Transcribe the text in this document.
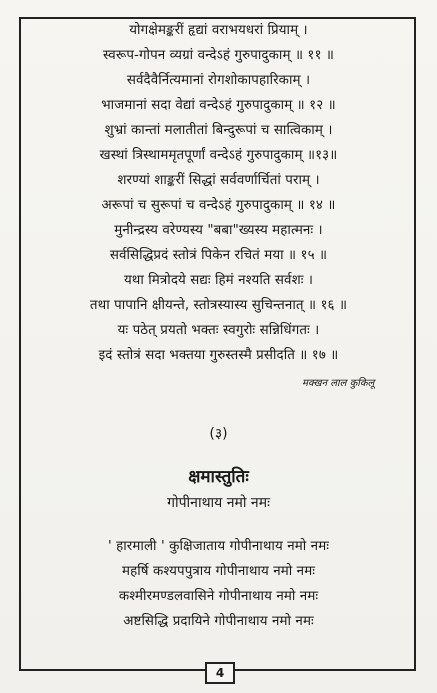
योगक्षेमङ्करीं हृद्यां वराभयधरां प्रियाम् ।
स्वरूप-गोपन व्यग्रां वन्देऽहं गुरुपादुकाम् ॥ ११ ॥
सर्वदैवैर्नित्यमानां रोगशोकापहारिकाम् ।
भाजमानां सदा वेद्यां वन्देऽहं गुरुपादुकाम् ॥ १२ ॥
शुभ्रां कान्तां मलातीतां बिन्दुरूपां च सात्विकाम् ।
खस्थां त्रिस्थाममृतपूर्णां वन्देऽहं गुरुपादुकाम् ॥१३॥
शरण्यां शाङ्करीं सिद्धां सर्ववर्णार्चितां पराम् ।
अरूपां च सुरूपां च वन्देऽहं गुरुपादुकाम् ॥ १४ ॥
मुनीन्द्रस्य वरेण्यस्य "बबा"ख्यस्य महात्मनः ।
सर्वसिद्धिप्रदं स्तोत्रं पिकेन रचितं मया ॥ १५ ॥
यथा मित्रोदये सद्यः हिमं नश्यति सर्वशः ।
तथा पापानि क्षीयन्ते, स्तोत्रस्यास्य सुचिन्तनात् ॥ १६ ॥
यः पठेत् प्रयतो भक्तः स्वगुरोः सन्निधिंगतः ।
इदं स्तोत्रं सदा भक्तया गुरुस्तस्मै प्रसीदति ॥ १७ ॥
मक्खन लाल कुकिलू
(३)
क्षमास्तुतिः
गोपीनाथाय नमो नमः
' हारमाली ' कुक्षिजाताय गोपीनाथाय नमो नमः
महर्षि कश्यपपुत्राय गोपीनाथाय नमो नमः
कश्मीरमण्डलवासिने गोपीनाथाय नमो नमः
अष्टसिद्धि प्रदायिने गोपीनाथाय नमो नमः
4
